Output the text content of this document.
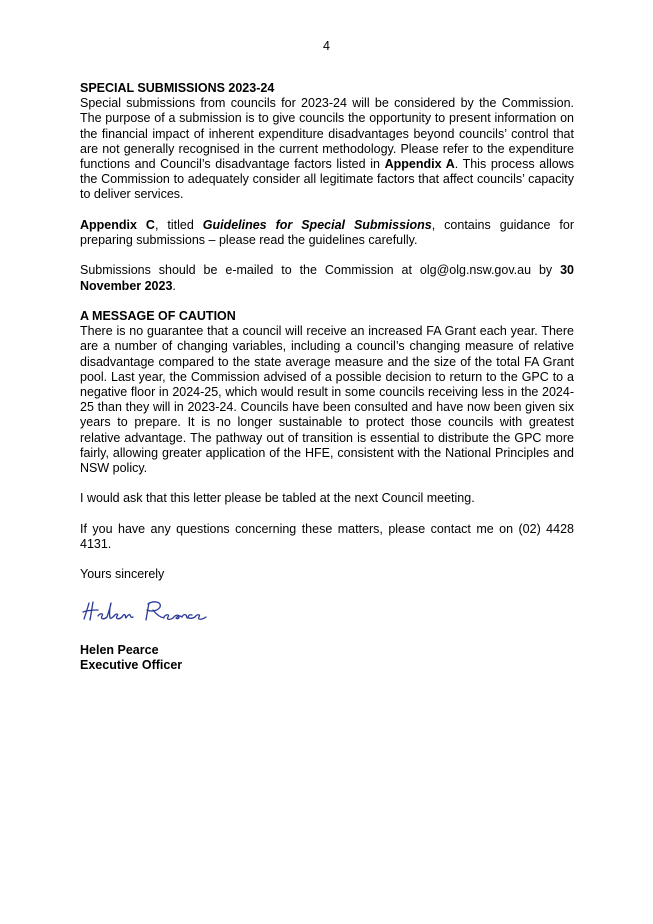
4

SPECIAL SUBMISSIONS 2023-24

Special submissions from councils for 2023-24 will be considered by the Commission. The purpose of a submission is to give councils the opportunity to present information on the financial impact of inherent expenditure disadvantages beyond councils’ control that are not generally recognised in the current methodology. Please refer to the expenditure functions and Council’s disadvantage factors listed in Appendix A. This process allows the Commission to adequately consider all legitimate factors that affect councils’ capacity to deliver services.

Appendix C, titled Guidelines for Special Submissions, contains guidance for preparing submissions – please read the guidelines carefully.

Submissions should be e-mailed to the Commission at olg@olg.nsw.gov.au by 30 November 2023.

A MESSAGE OF CAUTION

There is no guarantee that a council will receive an increased FA Grant each year. There are a number of changing variables, including a council’s changing measure of relative disadvantage compared to the state average measure and the size of the total FA Grant pool. Last year, the Commission advised of a possible decision to return to the GPC to a negative floor in 2024-25, which would result in some councils receiving less in the 2024-25 than they will in 2023-24. Councils have been consulted and have now been given six years to prepare. It is no longer sustainable to protect those councils with greatest relative advantage. The pathway out of transition is essential to distribute the GPC more fairly, allowing greater application of the HFE, consistent with the National Principles and NSW policy.

I would ask that this letter please be tabled at the next Council meeting.

If you have any questions concerning these matters, please contact me on (02) 4428 4131.

Yours sincerely

Helen Pearce

Executive Officer
